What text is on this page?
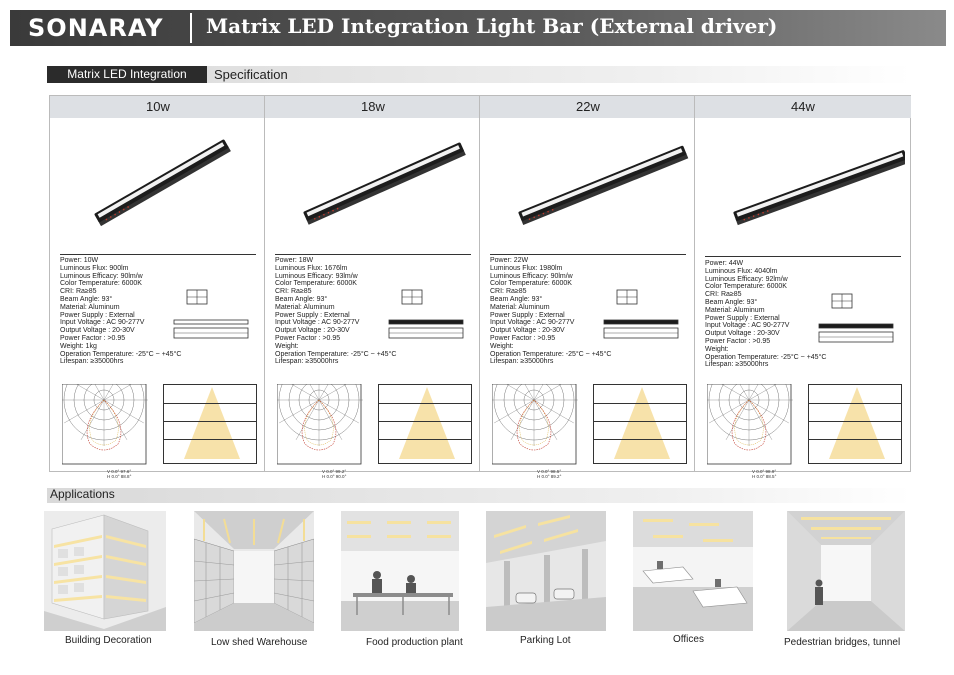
SONARAY Matrix LED Integration Light Bar (External driver)
Matrix LED Integration	Specification
10w
Power: 10W
Luminous Flux: 900lm
Luminous Efficacy: 90lm/w
Color Temperature: 6000K
CRI: Ra≥85
Beam Angle: 93°
Material: Aluminum
Power Supply : External
Input Voltage : AC 90-277V
Output Voltage : 20-30V
Power Factor : >0.95
Weight: 1kg
Operation Temperature: -25°C ~ +45°C
Lifespan: ≥35000hrs
V 0.0° 97.6°
H 0.0° 88.8°
18w
Power: 18W
Luminous Flux: 1676lm
Luminous Efficacy: 93lm/w
Color Temperature: 6000K
CRI: Ra≥85
Beam Angle: 93°
Material: Aluminum
Power Supply : External
Input Voltage : AC 90-277V
Output Voltage : 20-30V
Power Factor : >0.95
Weight:
Operation Temperature: -25°C ~ +45°C
Lifespan: ≥35000hrs
V 0.0° 99.2°
H 0.0° 90.0°
22w
Power: 22W
Luminous Flux: 1980lm
Luminous Efficacy: 90lm/w
Color Temperature: 6000K
CRI: Ra≥85
Beam Angle: 93°
Material: Aluminum
Power Supply : External
Input Voltage : AC 90-277V
Output Voltage : 20-30V
Power Factor : >0.95
Weight:
Operation Temperature: -25°C ~ +45°C
Lifespan: ≥35000hrs
V 0.0° 98.5°
H 0.0° 89.2°
44w
Power: 44W
Luminous Flux: 4040lm
Luminous Efficacy: 92lm/w
Color Temperature: 6000K
CRI: Ra≥85
Beam Angle: 93°
Material: Aluminum
Power Supply : External
Input Voltage : AC 90-277V
Output Voltage : 20-30V
Power Factor : >0.95
Weight:
Operation Temperature: -25°C ~ +45°C
Lifespan: ≥35000hrs
V 0.0° 98.9°
H 0.0° 88.5°
Applications
Building Decoration	Low shed Warehouse	Food production plant	Parking Lot	Offices	Pedestrian bridges, tunnel
